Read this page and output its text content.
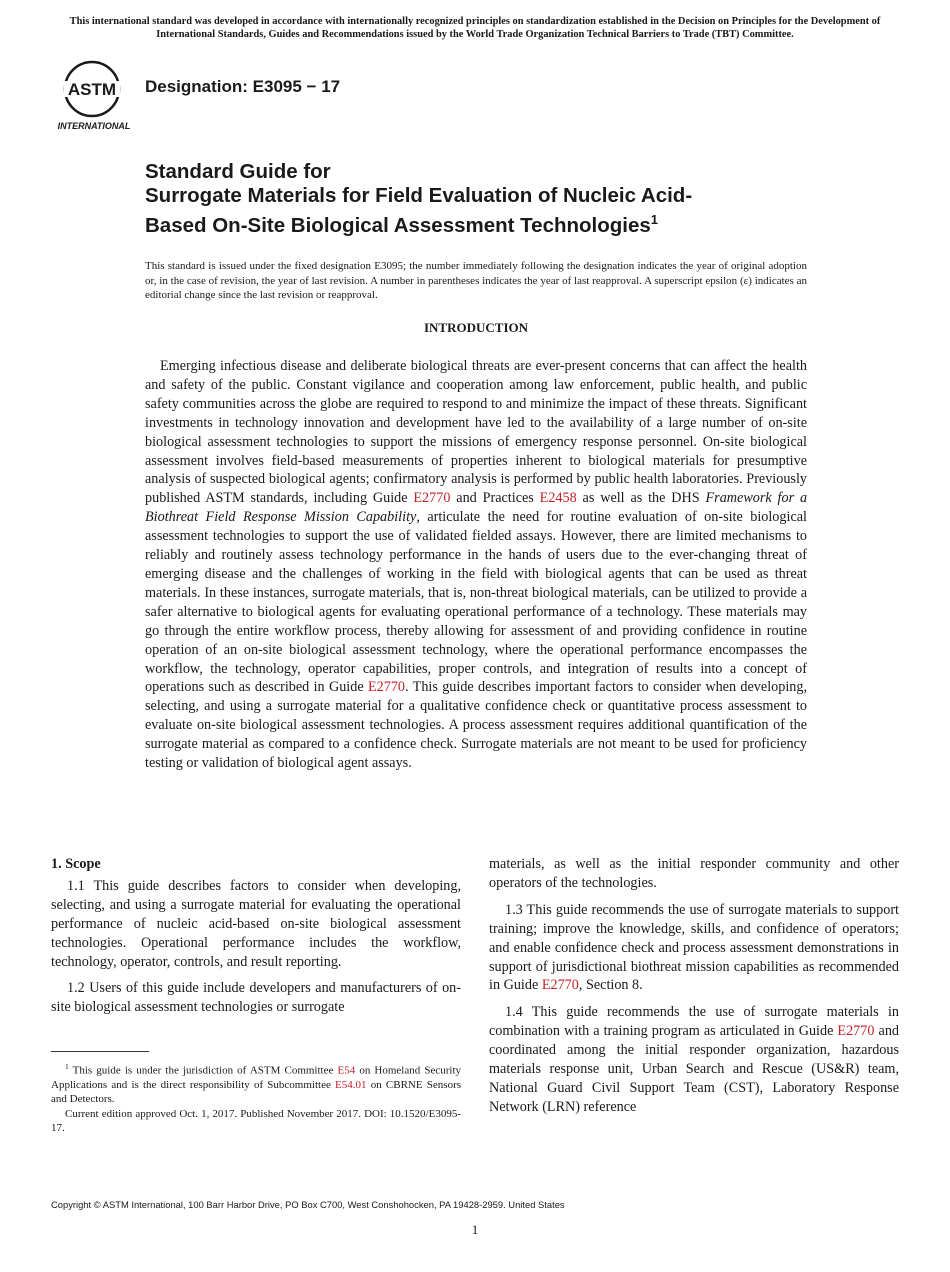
This international standard was developed in accordance with internationally recognized principles on standardization established in the Decision on Principles for the Development of International Standards, Guides and Recommendations issued by the World Trade Organization Technical Barriers to Trade (TBT) Committee.
ASTM
INTERNATIONAL
Designation: E3095 − 17
Standard Guide for
Surrogate Materials for Field Evaluation of Nucleic Acid-
Based On-Site Biological Assessment Technologies$^1$
This standard is issued under the fixed designation E3095; the number immediately following the designation indicates the year of original adoption or, in the case of revision, the year of last revision. A number in parentheses indicates the year of last reapproval. A superscript epsilon (ε) indicates an editorial change since the last revision or reapproval.
INTRODUCTION

Emerging infectious disease and deliberate biological threats are ever-present concerns that can affect the health and safety of the public. Constant vigilance and cooperation among law enforcement, public health, and public safety communities across the globe are required to respond to and minimize the impact of these threats. Significant investments in technology innovation and development have led to the availability of a large number of on-site biological assessment technologies to support the missions of emergency response personnel. On-site biological assessment involves field-based measurements of properties inherent to biological materials for presumptive analysis of suspected biological agents; confirmatory analysis is performed by public health laboratories. Previously published ASTM standards, including Guide E2770 and Practices E2458 as well as the DHS Framework for a Biothreat Field Response Mission Capability, articulate the need for routine evaluation of on-site biological assessment technologies to support the use of validated fielded assays. However, there are limited mechanisms to reliably and routinely assess technology performance in the hands of users due to the ever-changing threat of emerging disease and the challenges of working in the field with biological agents that can be used as threat materials. In these instances, surrogate materials, that is, non-threat biological materials, can be utilized to provide a safer alternative to biological agents for evaluating operational performance of a technology. These materials may go through the entire workflow process, thereby allowing for assessment of and providing confidence in routine operation of an on-site biological assessment technology, where the operational performance encompasses the workflow, the technology, operator capabilities, proper controls, and integration of results into a concept of operations such as described in Guide E2770. This guide describes important factors to consider when developing, selecting, and using a surrogate material for a qualitative confidence check or quantitative process assessment to evaluate on-site biological assessment technologies. A process assessment requires additional quantification of the surrogate material as compared to a confidence check. Surrogate materials are not meant to be used for proficiency testing or validation of biological agent assays.

1. Scope

1.1 This guide describes factors to consider when developing, selecting, and using a surrogate material for evaluating the operational performance of nucleic acid-based on-site biological assessment technologies. Operational performance includes the workflow, technology, operator, controls, and result reporting.

1.2 Users of this guide include developers and manufacturers of on-site biological assessment technologies or surrogate

materials, as well as the initial responder community and other operators of the technologies.

1.3 This guide recommends the use of surrogate materials to support training; improve the knowledge, skills, and confidence of operators; and enable confidence check and process assessment demonstrations in support of jurisdictional biothreat mission capabilities as recommended in Guide E2770, Section 8.

1.4 This guide recommends the use of surrogate materials in combination with a training program as articulated in Guide E2770 and coordinated among the initial responder organization, hazardous materials response unit, Urban Search and Rescue (US&R) team, National Guard Civil Support Team (CST), Laboratory Response Network (LRN) reference

$^1$ This guide is under the jurisdiction of ASTM Committee E54 on Homeland Security Applications and is the direct responsibility of Subcommittee E54.01 on CBRNE Sensors and Detectors.

Current edition approved Oct. 1, 2017. Published November 2017. DOI: 10.1520/E3095-17.

Copyright © ASTM International, 100 Barr Harbor Drive, PO Box C700, West Conshohocken, PA 19428-2959. United States
1
